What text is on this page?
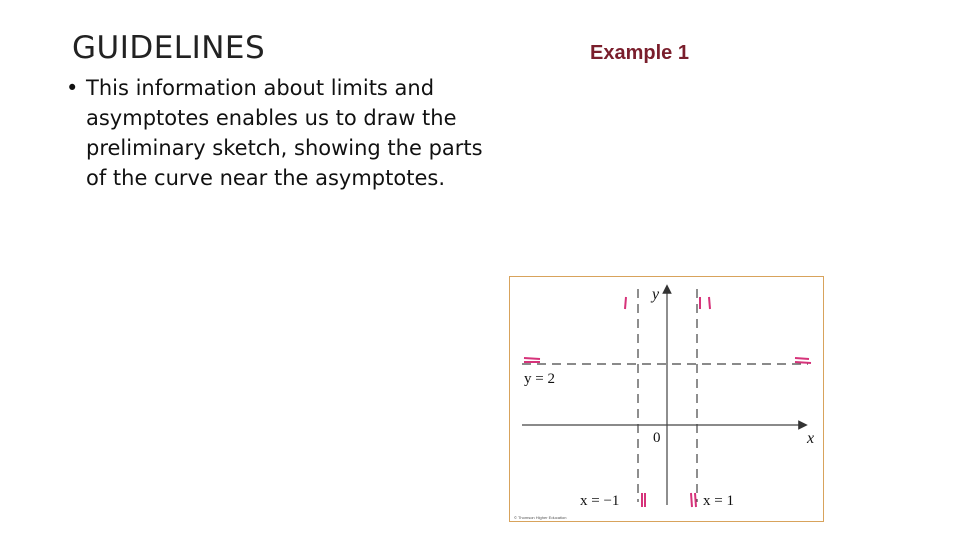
GUIDELINES
• This information about limits and asymptotes enables us to draw the preliminary sketch, showing the parts of the curve near the asymptotes.
Example 1
y
x
0
y = 2
x = −1	x = 1
© Thomson Higher Education
